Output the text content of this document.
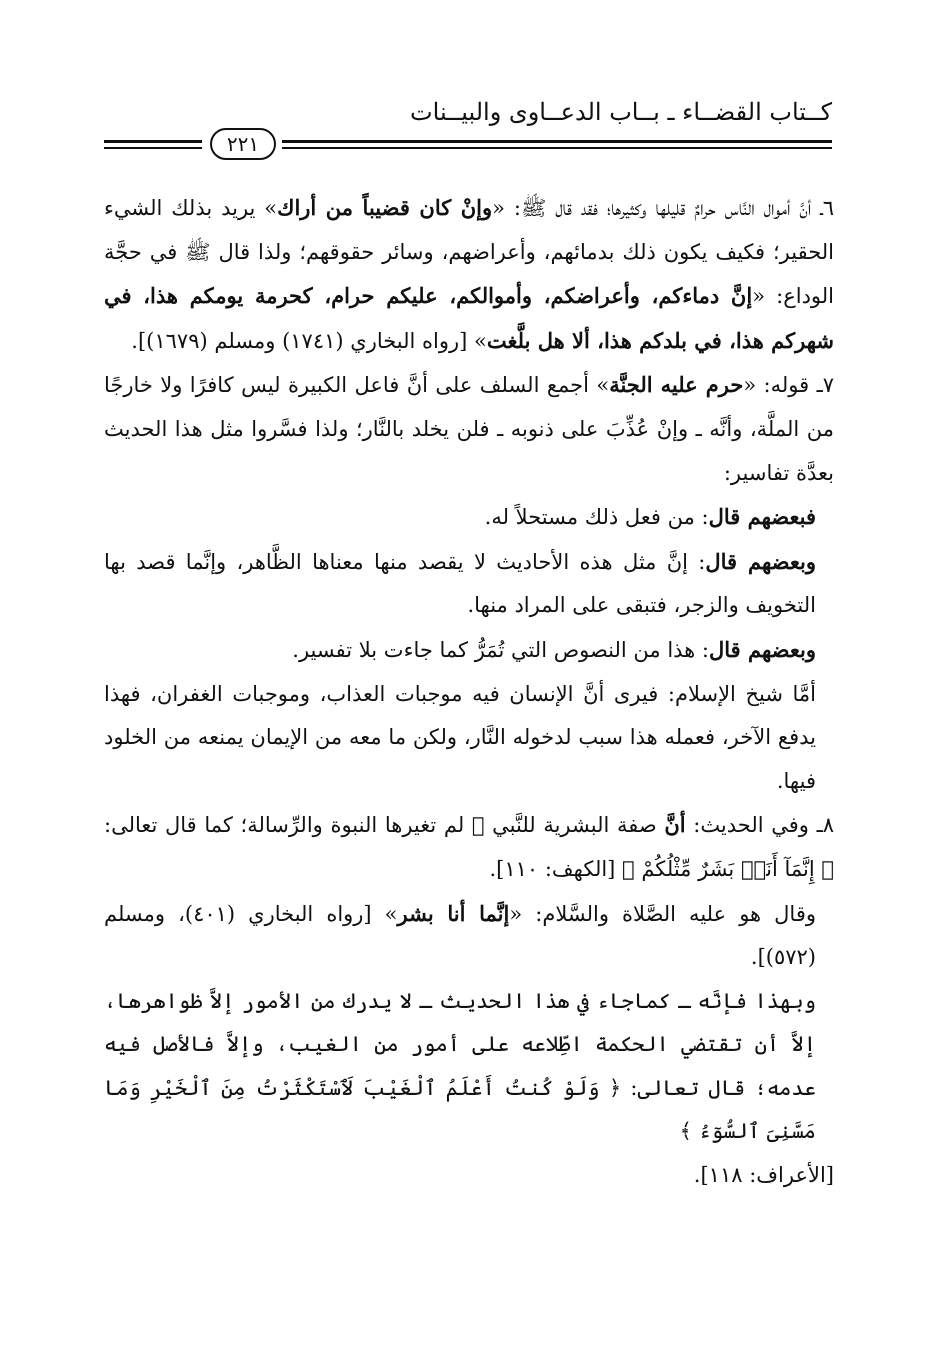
كــتاب القضــاء ـ بــاب الدعــاوى والبيــنات
٢٢١

٦ـ أنَّ أموال النَّاس حرامٌ قليلها وكثيرها؛ فقد قال ﷺ: «وإنْ كان قضيباً من أراك» يريد بذلك الشيء الحقير؛ فكيف يكون ذلك بدمائهم، وأعراضهم، وسائر حقوقهم؛ ولذا قال ﷺ في حجَّة الوداع: «إنَّ دماءكم، وأعراضكم، وأموالكم، عليكم حرام، كحرمة يومكم هذا، في شهركم هذا، في بلدكم هذا، ألا هل بلَّغت» [رواه البخاري (١٧٤١) ومسلم (١٦٧٩)].

٧ـ قوله: «حرم عليه الجنَّة» أجمع السلف على أنَّ فاعل الكبيرة ليس كافرًا ولا خارجًا من الملَّة، وأنَّه ـ وإنْ عُذِّبَ على ذنوبه ـ فلن يخلد بالنَّار؛ ولذا فسَّروا مثل هذا الحديث بعدَّة تفاسير:

فبعضهم قال: من فعل ذلك مستحلاً له.

وبعضهم قال: إنَّ مثل هذه الأحاديث لا يقصد منها معناها الظَّاهر، وإنَّما قصد بها التخويف والزجر، فتبقى على المراد منها.

وبعضهم قال: هذا من النصوص التي تُمَرُّ كما جاءت بلا تفسير.

أمَّا شيخ الإسلام: فيرى أنَّ الإنسان فيه موجبات العذاب، وموجبات الغفران، فهذا يدفع الآخر، فعمله هذا سبب لدخوله النَّار، ولكن ما معه من الإيمان يمنعه من الخلود فيها.

٨ـ وفي الحديث: أنَّ صفة البشرية للنَّبي ﷺ لم تغيرها النبوة والرِّسالة؛ كما قال تعالى: ﴿ إِنَّمَآ أَنَا۠ بَشَرٌ مِّثْلُكُمْ ﴾ [الكهف: ١١٠].

وقال هو عليه الصَّلاة والسَّلام: «إنَّما أنا بشر» [رواه البخاري (٤٠١)، ومسلم (٥٧٢)].

وبهذا فإنَّه ـ كماجاء في هذا الحديث ـ لا يدرك من الأمور إلاَّ ظواهرها، إلاَّ أن تقتضي الحكمة اطِّلاعه على أمور من الغيب، وإلاَّ فالأصل فيه عدمه؛ قال تعالى: ﴿ وَلَوْ كُنتُ أَعْلَمُ ٱلْغَيْبَ لَٱسْتَكْثَرْتُ مِنَ ٱلْخَيْرِ وَمَا مَسَّنِىَ ٱلسُّوٓءُ ﴾

[الأعراف: ١١٨].
